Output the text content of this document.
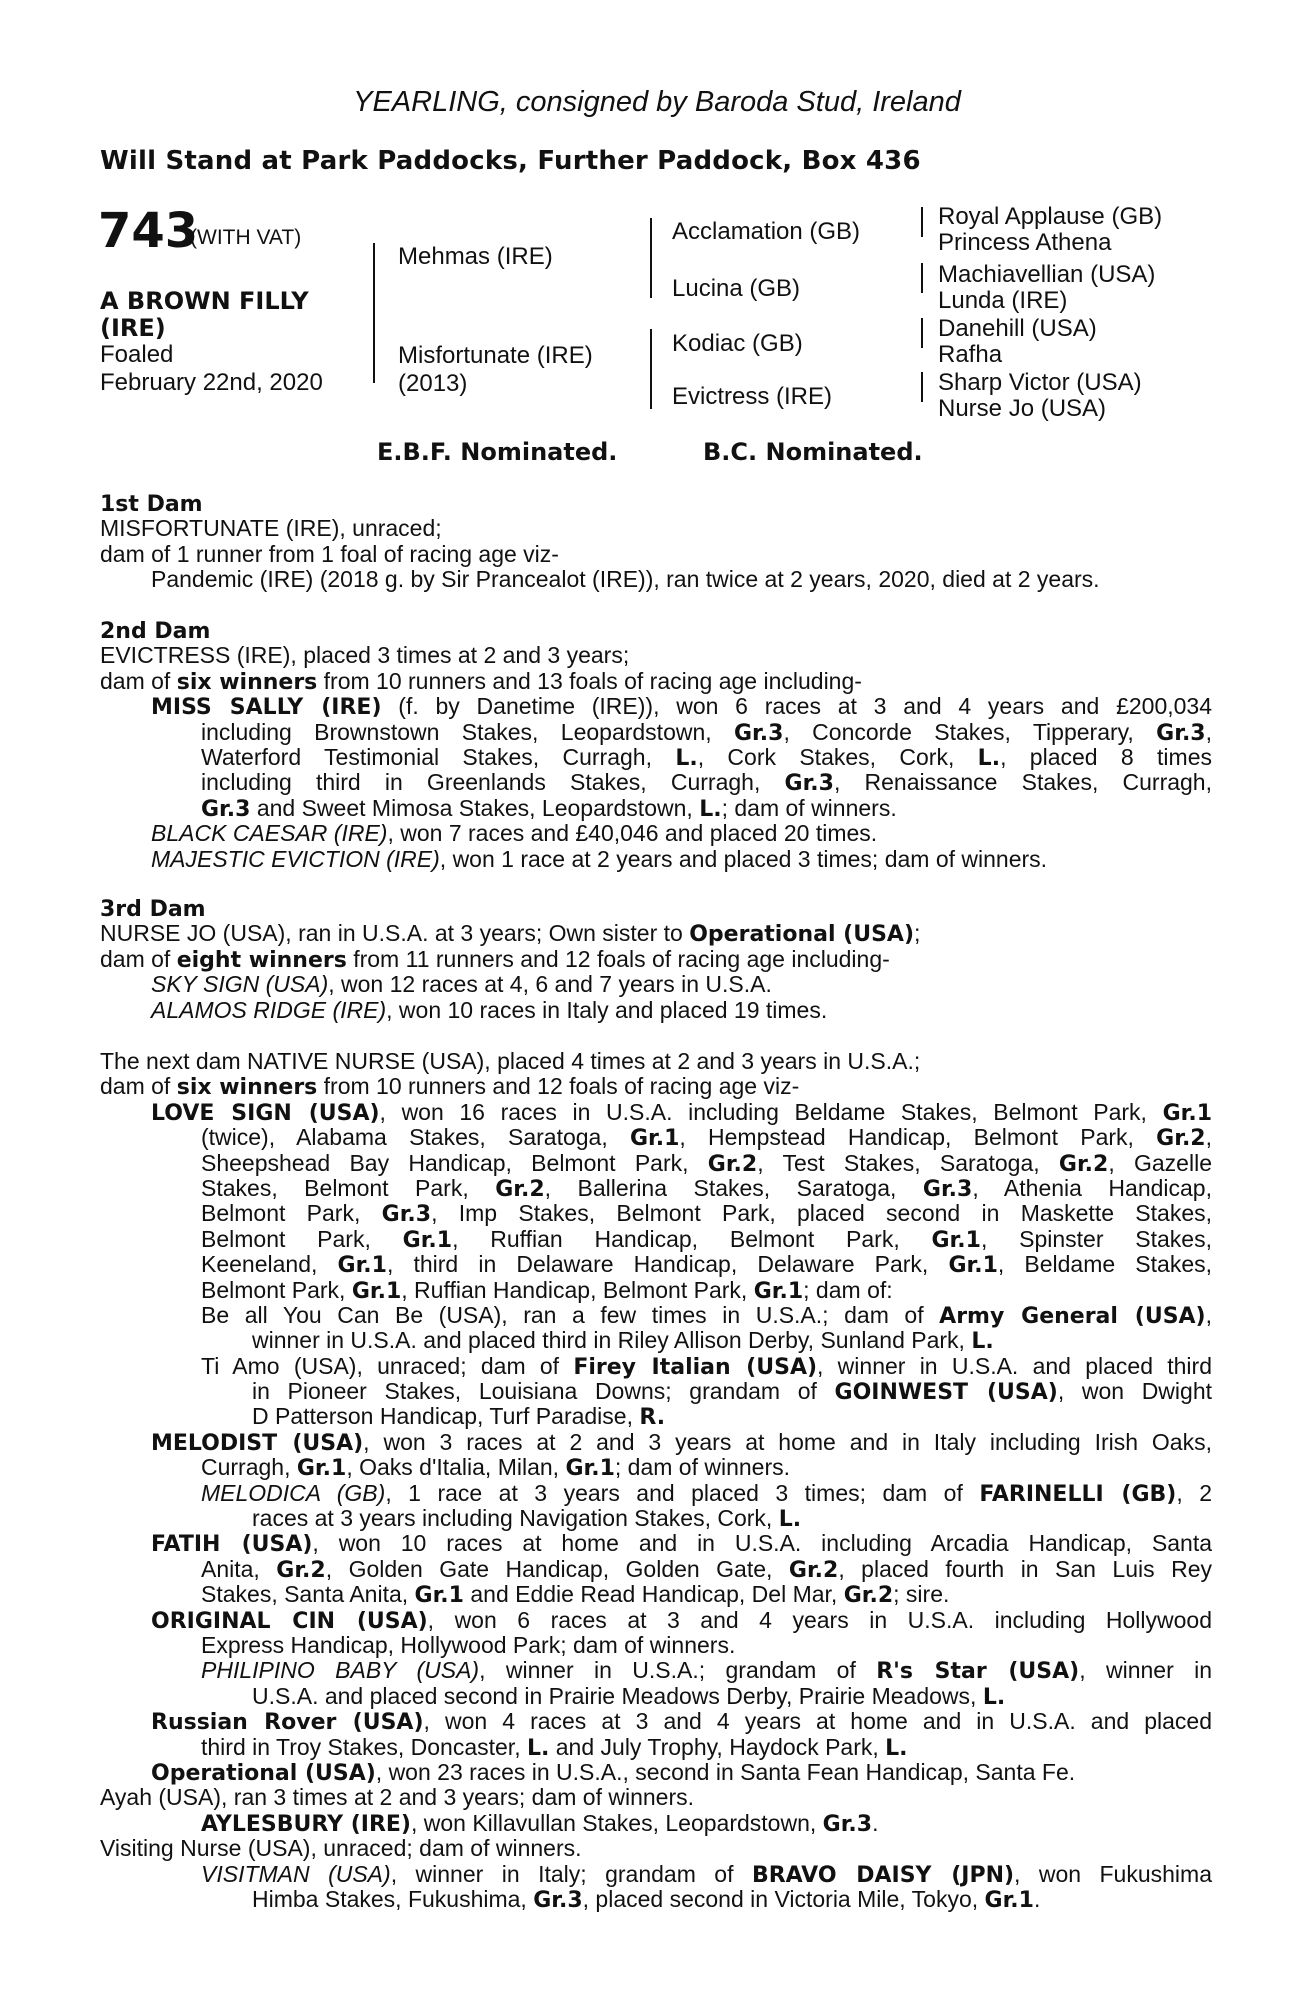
YEARLING, consigned by Baroda Stud, Ireland
Will Stand at Park Paddocks, Further Paddock, Box 436
743
(WITH VAT)
A BROWN FILLY
(IRE)
Foaled
February 22nd, 2020
Mehmas (IRE)
Misfortunate (IRE)
(2013)
Acclamation (GB)
Lucina (GB)
Kodiac (GB)
Evictress (IRE)
Royal Applause (GB)
Princess Athena
Machiavellian (USA)
Lunda (IRE)
Danehill (USA)
Rafha
Sharp Victor (USA)
Nurse Jo (USA)
E.B.F. Nominated.	B.C. Nominated.
1st Dam
MISFORTUNATE (IRE), unraced;
dam of 1 runner from 1 foal of racing age viz-
Pandemic (IRE) (2018 g. by Sir Prancealot (IRE)), ran twice at 2 years, 2020, died at 2 years.
2nd Dam
EVICTRESS (IRE), placed 3 times at 2 and 3 years;
dam of six winners from 10 runners and 13 foals of racing age including-
MISS SALLY (IRE) (f. by Danetime (IRE)), won 6 races at 3 and 4 years and £200,034
including Brownstown Stakes, Leopardstown, Gr.3, Concorde Stakes, Tipperary, Gr.3,
Waterford Testimonial Stakes, Curragh, L., Cork Stakes, Cork, L., placed 8 times
including third in Greenlands Stakes, Curragh, Gr.3, Renaissance Stakes, Curragh,
Gr.3 and Sweet Mimosa Stakes, Leopardstown, L.; dam of winners.
BLACK CAESAR (IRE), won 7 races and £40,046 and placed 20 times.
MAJESTIC EVICTION (IRE), won 1 race at 2 years and placed 3 times; dam of winners.
3rd Dam
NURSE JO (USA), ran in U.S.A. at 3 years; Own sister to Operational (USA);
dam of eight winners from 11 runners and 12 foals of racing age including-
SKY SIGN (USA), won 12 races at 4, 6 and 7 years in U.S.A.
ALAMOS RIDGE (IRE), won 10 races in Italy and placed 19 times.
The next dam NATIVE NURSE (USA), placed 4 times at 2 and 3 years in U.S.A.;
dam of six winners from 10 runners and 12 foals of racing age viz-
LOVE SIGN (USA), won 16 races in U.S.A. including Beldame Stakes, Belmont Park, Gr.1
(twice), Alabama Stakes, Saratoga, Gr.1, Hempstead Handicap, Belmont Park, Gr.2,
Sheepshead Bay Handicap, Belmont Park, Gr.2, Test Stakes, Saratoga, Gr.2, Gazelle
Stakes, Belmont Park, Gr.2, Ballerina Stakes, Saratoga, Gr.3, Athenia Handicap,
Belmont Park, Gr.3, Imp Stakes, Belmont Park, placed second in Maskette Stakes,
Belmont Park, Gr.1, Ruffian Handicap, Belmont Park, Gr.1, Spinster Stakes,
Keeneland, Gr.1, third in Delaware Handicap, Delaware Park, Gr.1, Beldame Stakes,
Belmont Park, Gr.1, Ruffian Handicap, Belmont Park, Gr.1; dam of:
Be all You Can Be (USA), ran a few times in U.S.A.; dam of Army General (USA),
winner in U.S.A. and placed third in Riley Allison Derby, Sunland Park, L.
Ti Amo (USA), unraced; dam of Firey Italian (USA), winner in U.S.A. and placed third
in Pioneer Stakes, Louisiana Downs; grandam of GOINWEST (USA), won Dwight
D Patterson Handicap, Turf Paradise, R.
MELODIST (USA), won 3 races at 2 and 3 years at home and in Italy including Irish Oaks,
Curragh, Gr.1, Oaks d'Italia, Milan, Gr.1; dam of winners.
MELODICA (GB), 1 race at 3 years and placed 3 times; dam of FARINELLI (GB), 2
races at 3 years including Navigation Stakes, Cork, L.
FATIH (USA), won 10 races at home and in U.S.A. including Arcadia Handicap, Santa
Anita, Gr.2, Golden Gate Handicap, Golden Gate, Gr.2, placed fourth in San Luis Rey
Stakes, Santa Anita, Gr.1 and Eddie Read Handicap, Del Mar, Gr.2; sire.
ORIGINAL CIN (USA), won 6 races at 3 and 4 years in U.S.A. including Hollywood
Express Handicap, Hollywood Park; dam of winners.
PHILIPINO BABY (USA), winner in U.S.A.; grandam of R's Star (USA), winner in
U.S.A. and placed second in Prairie Meadows Derby, Prairie Meadows, L.
Russian Rover (USA), won 4 races at 3 and 4 years at home and in U.S.A. and placed
third in Troy Stakes, Doncaster, L. and July Trophy, Haydock Park, L.
Operational (USA), won 23 races in U.S.A., second in Santa Fean Handicap, Santa Fe.
Ayah (USA), ran 3 times at 2 and 3 years; dam of winners.
AYLESBURY (IRE), won Killavullan Stakes, Leopardstown, Gr.3.
Visiting Nurse (USA), unraced; dam of winners.
VISITMAN (USA), winner in Italy; grandam of BRAVO DAISY (JPN), won Fukushima
Himba Stakes, Fukushima, Gr.3, placed second in Victoria Mile, Tokyo, Gr.1.
